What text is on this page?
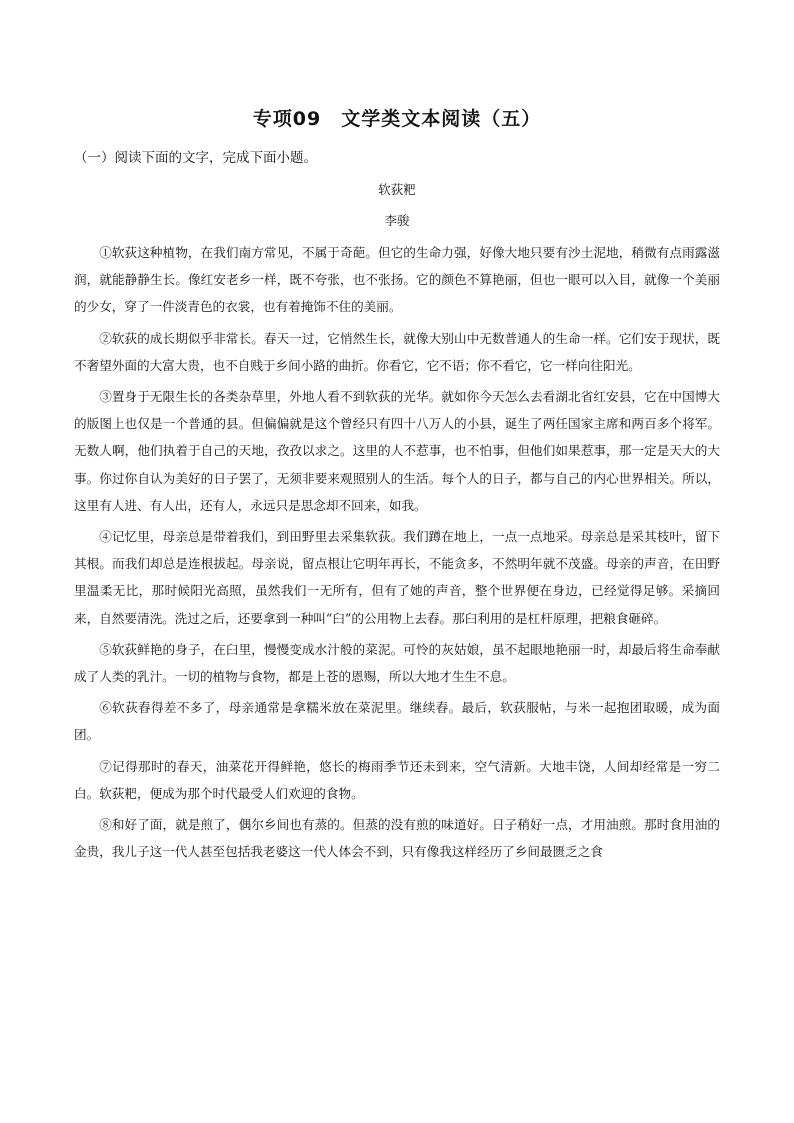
专项09　文学类文本阅读（五）
（一）阅读下面的文字，完成下面小题。
软荻粑
李骏

①软荻这种植物，在我们南方常见，不属于奇葩。但它的生命力强，好像大地只要有沙土泥地，稍微有点雨露滋润，就能静静生长。像红安老乡一样，既不夸张，也不张扬。它的颜色不算艳丽，但也一眼可以入目，就像一个美丽的少女，穿了一件淡青色的衣裳，也有着掩饰不住的美丽。

②软荻的成长期似乎非常长。春天一过，它悄然生长，就像大别山中无数普通人的生命一样。它们安于现状，既不奢望外面的大富大贵，也不自贱于乡间小路的曲折。你看它，它不语；你不看它，它一样向往阳光。

③置身于无限生长的各类杂草里，外地人看不到软荻的光华。就如你今天怎么去看湖北省红安县，它在中国博大的版图上也仅是一个普通的县。但偏偏就是这个曾经只有四十八万人的小县，诞生了两任国家主席和两百多个将军。无数人啊，他们执着于自己的天地，孜孜以求之。这里的人不惹事，也不怕事，但他们如果惹事，那一定是天大的大事。你过你自认为美好的日子罢了，无须非要来观照别人的生活。每个人的日子，都与自己的内心世界相关。所以，这里有人进、有人出，还有人，永远只是思念却不回来，如我。

④记忆里，母亲总是带着我们，到田野里去采集软荻。我们蹲在地上，一点一点地采。母亲总是采其枝叶，留下其根。而我们却总是连根拔起。母亲说，留点根让它明年再长，不能贪多，不然明年就不茂盛。母亲的声音，在田野里温柔无比，那时候阳光高照，虽然我们一无所有，但有了她的声音，整个世界便在身边，已经觉得足够。采摘回来，自然要清洗。洗过之后，还要拿到一种叫“臼”的公用物上去舂。那臼利用的是杠杆原理，把粮食砸碎。

⑤软荻鲜艳的身子，在臼里，慢慢变成水汁般的菜泥。可怜的灰姑娘，虽不起眼地艳丽一时，却最后将生命奉献成了人类的乳汁。一切的植物与食物，都是上苍的恩赐，所以大地才生生不息。

⑥软荻舂得差不多了，母亲通常是拿糯米放在菜泥里。继续舂。最后，软荻服帖，与米一起抱团取暖，成为面团。

⑦记得那时的春天，油菜花开得鲜艳，悠长的梅雨季节还未到来，空气清新。大地丰饶，人间却经常是一穷二白。软荻粑，便成为那个时代最受人们欢迎的食物。

⑧和好了面，就是煎了，偶尔乡间也有蒸的。但蒸的没有煎的味道好。日子稍好一点，才用油煎。那时食用油的金贵，我儿子这一代人甚至包括我老婆这一代人体会不到，只有像我这样经历了乡间最匮乏之食
